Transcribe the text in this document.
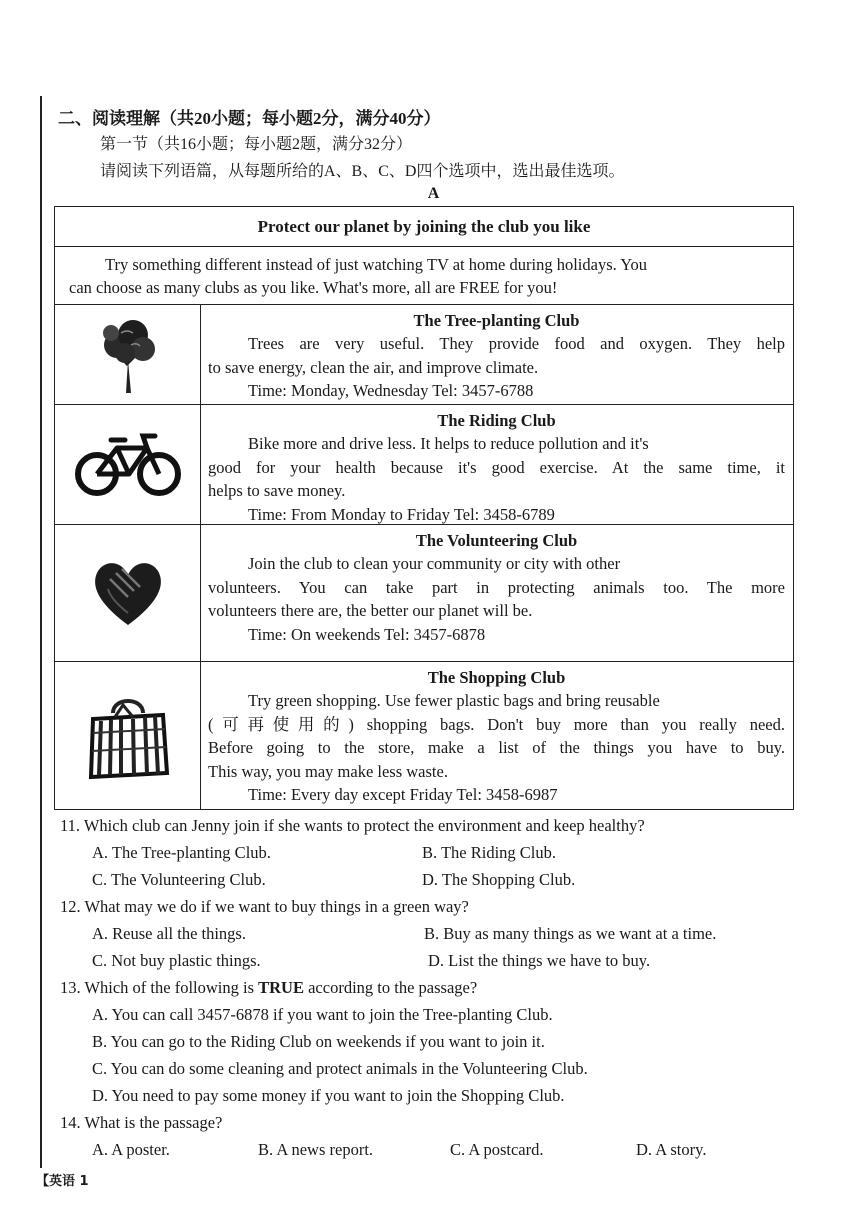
二、阅读理解（共20小题；每小题2分，满分40分）
第一节（共16小题；每小题2题，满分32分）
请阅读下列语篇，从每题所给的A、B、C、D四个选项中，选出最佳选项。
A
Protect our planet by joining the club you like
Try something different instead of just watching TV at home during holidays. You
can choose as many clubs as you like. What's more, all are FREE for you!
The Tree-planting Club
Trees are very useful. They provide food and oxygen. They help
to save energy, clean the air, and improve climate.
Time: Monday, Wednesday Tel: 3457-6788
The Riding Club
Bike more and drive less. It helps to reduce pollution and it's
good for your health because it's good exercise. At the same time, it
helps to save money.
Time: From Monday to Friday Tel: 3458-6789
The Volunteering Club
Join the club to clean your community or city with other
volunteers. You can take part in protecting animals too. The more
volunteers there are, the better our planet will be.
Time: On weekends Tel: 3457-6878
The Shopping Club
Try green shopping. Use fewer plastic bags and bring reusable
(可再使用的) shopping bags. Don't buy more than you really need.
Before going to the store, make a list of the things you have to buy.
This way, you may make less waste.
Time: Every day except Friday Tel: 3458-6987
11. Which club can Jenny join if she wants to protect the environment and keep healthy?
A. The Tree-planting Club.	B. The Riding Club.
C. The Volunteering Club.	D. The Shopping Club.
12. What may we do if we want to buy things in a green way?
A. Reuse all the things.	B. Buy as many things as we want at a time.
C. Not buy plastic things.	D. List the things we have to buy.
13. Which of the following is TRUE according to the passage?
A. You can call 3457-6878 if you want to join the Tree-planting Club.
B. You can go to the Riding Club on weekends if you want to join it.
C. You can do some cleaning and protect animals in the Volunteering Club.
D. You need to pay some money if you want to join the Shopping Club.
14. What is the passage?
A. A poster.	B. A news report.	C. A postcard.	D. A story.
【英语 1
